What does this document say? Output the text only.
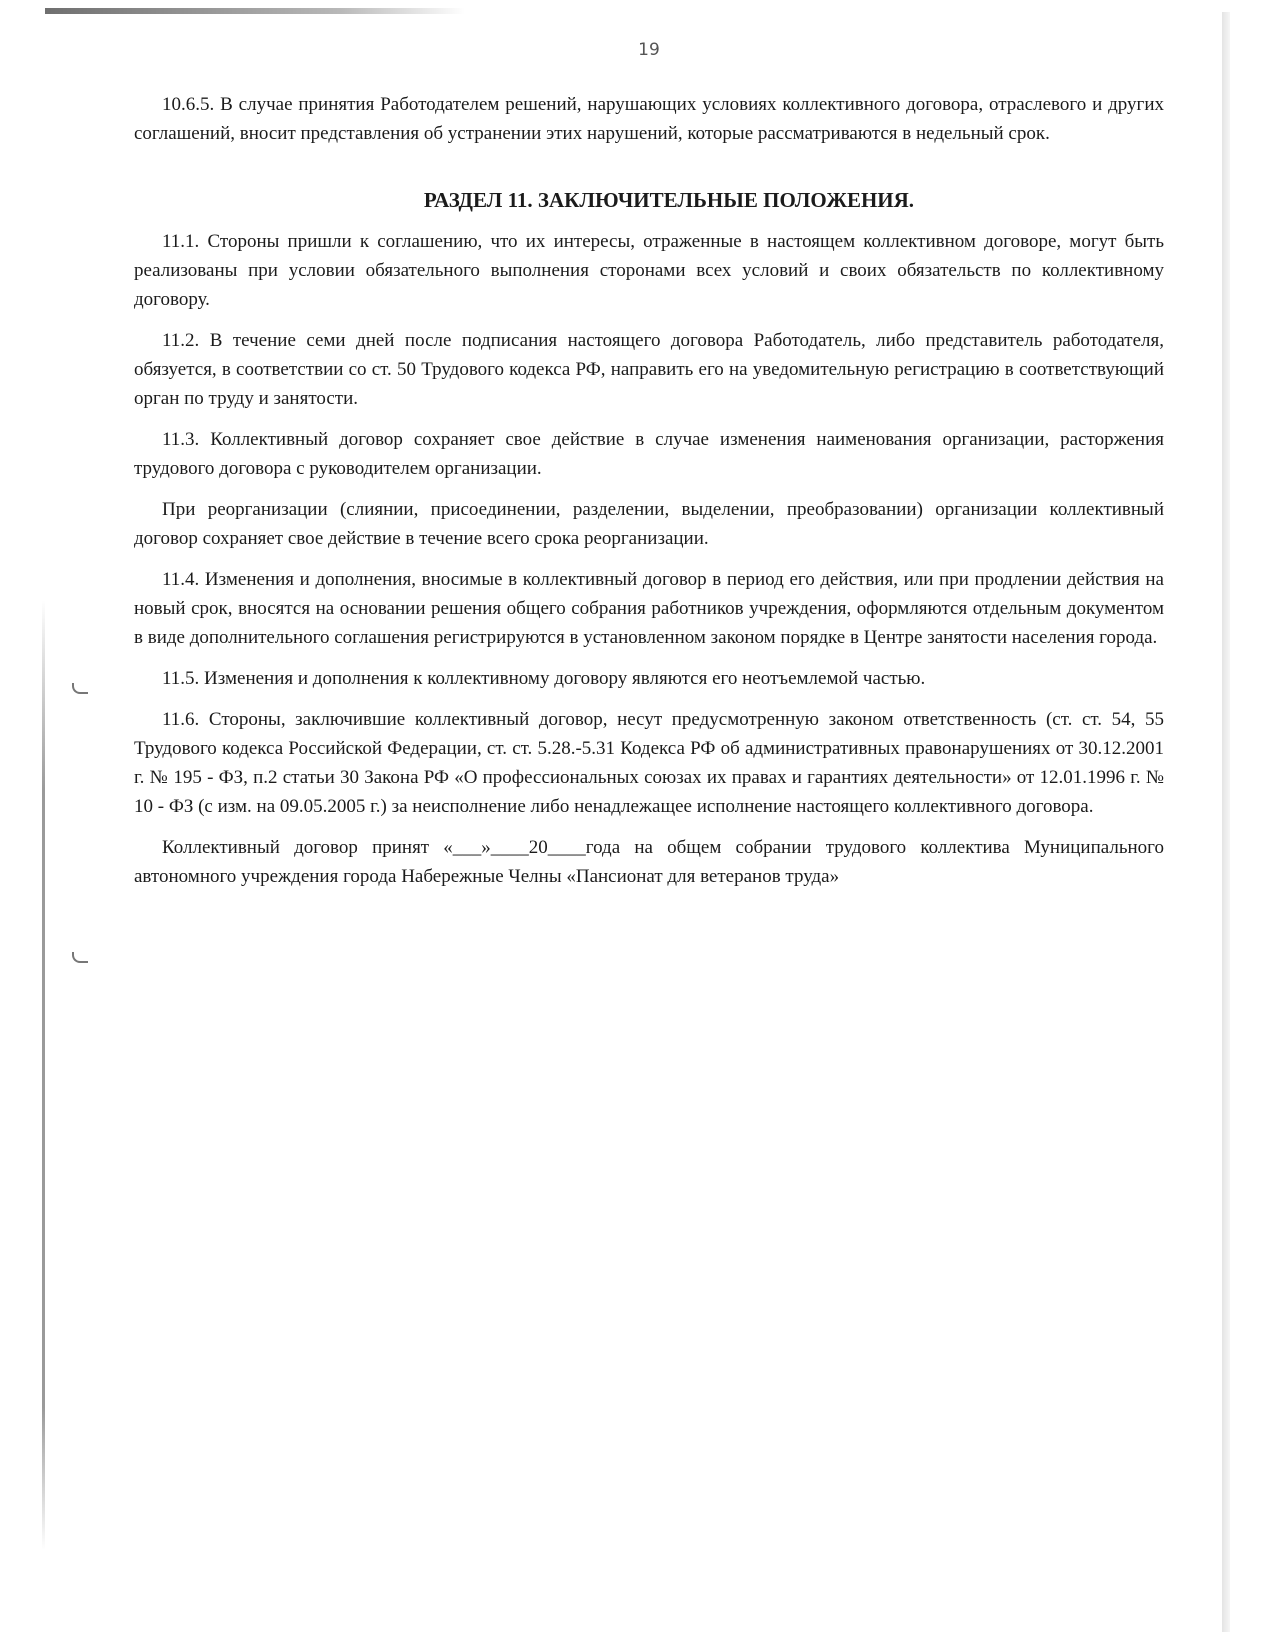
19

10.6.5. В случае принятия Работодателем решений, нарушающих условиях коллективного договора, отраслевого и других соглашений, вносит представления об устранении этих нарушений, которые рассматриваются в недельный срок.

РАЗДЕЛ 11. ЗАКЛЮЧИТЕЛЬНЫЕ ПОЛОЖЕНИЯ.

11.1. Стороны пришли к соглашению, что их интересы, отраженные в настоящем коллективном договоре, могут быть реализованы при условии обязательного выполнения сторонами всех условий и своих обязательств по коллективному договору.

11.2. В течение семи дней после подписания настоящего договора Работодатель, либо представитель работодателя, обязуется, в соответствии со ст. 50 Трудового кодекса РФ, направить его на уведомительную регистрацию в соответствующий орган по труду и занятости.

11.3. Коллективный договор сохраняет свое действие в случае изменения наименования организации, расторжения трудового договора с руководителем организации.

При реорганизации (слиянии, присоединении, разделении, выделении, преобразовании) организации коллективный договор сохраняет свое действие в течение всего срока реорганизации.

11.4. Изменения и дополнения, вносимые в коллективный договор в период его действия, или при продлении действия на новый срок, вносятся на основании решения общего собрания работников учреждения, оформляются отдельным документом в виде дополнительного соглашения регистрируются в установленном законом порядке в Центре занятости населения города.

11.5. Изменения и дополнения к коллективному договору являются его неотъемлемой частью.

11.6. Стороны, заключившие коллективный договор, несут предусмотренную законом ответственность (ст. ст. 54, 55 Трудового кодекса Российской Федерации, ст. ст. 5.28.-5.31 Кодекса РФ об административных правонарушениях от 30.12.2001 г. № 195 - ФЗ, п.2 статьи 30 Закона РФ «О профессиональных союзах их правах и гарантиях деятельности» от 12.01.1996 г. № 10 - ФЗ (с изм. на 09.05.2005 г.) за неисполнение либо ненадлежащее исполнение настоящего коллективного договора.

Коллективный договор принят «___»____20____года на общем собрании трудового коллектива Муниципального автономного учреждения города Набережные Челны «Пансионат для ветеранов труда»
